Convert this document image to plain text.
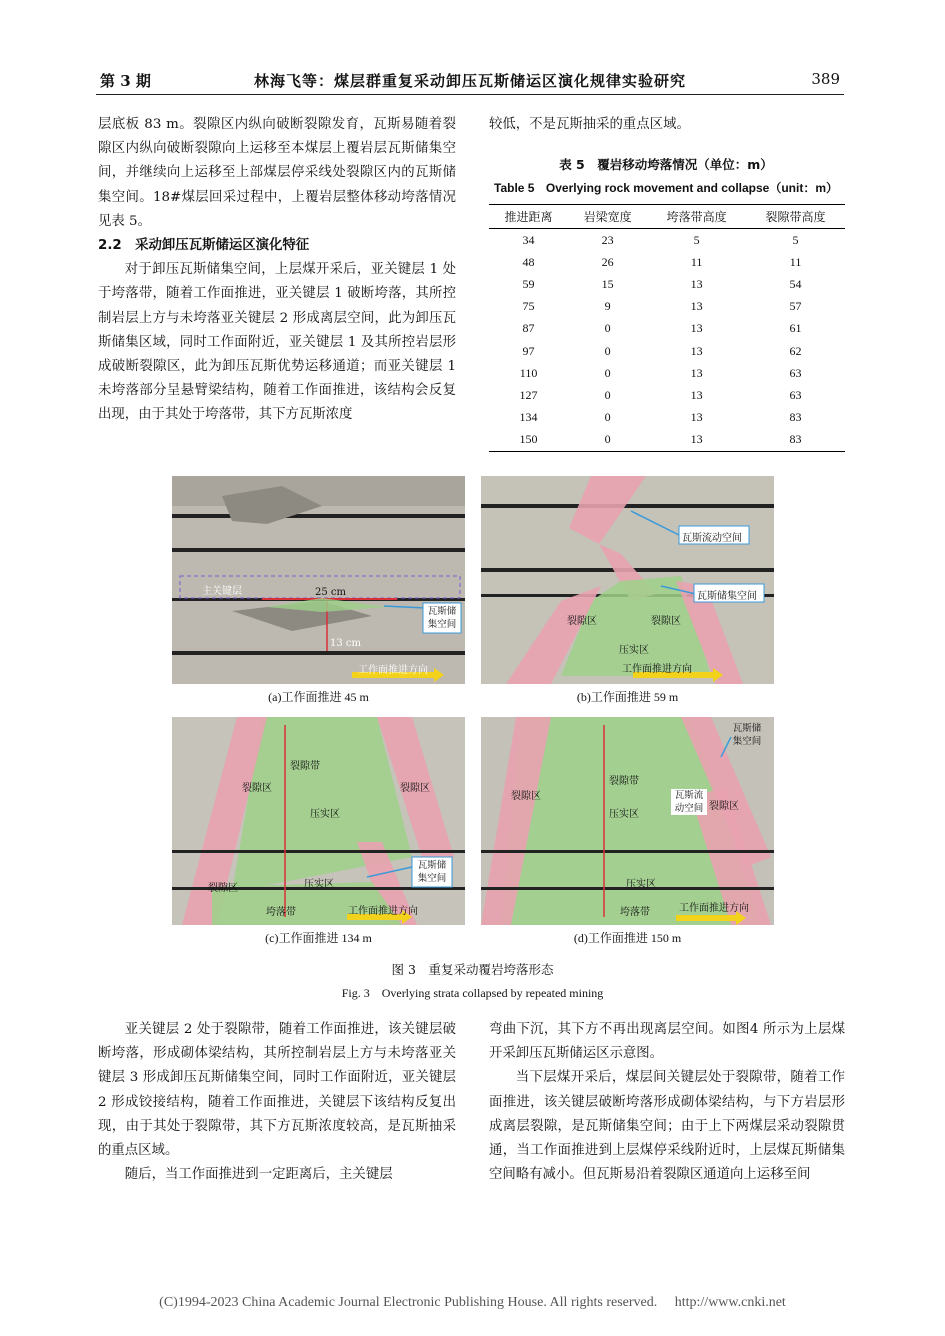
第 3 期	林海飞等：煤层群重复采动卸压瓦斯储运区演化规律实验研究	389

层底板 83 m。裂隙区内纵向破断裂隙发育，瓦斯易随着裂隙区内纵向破断裂隙向上运移至本煤层上覆岩层瓦斯储集空间，并继续向上运移至上部煤层停采线处裂隙区内的瓦斯储集空间。18#煤层回采过程中，上覆岩层整体移动垮落情况见表 5。

2.2　采动卸压瓦斯储运区演化特征

对于卸压瓦斯储集空间，上层煤开采后，亚关键层 1 处于垮落带，随着工作面推进，亚关键层 1 破断垮落，其所控制岩层上方与未垮落亚关键层 2 形成离层空间，此为卸压瓦斯储集区域，同时工作面附近，亚关键层 1 及其所控岩层形成破断裂隙区，此为卸压瓦斯优势运移通道；而亚关键层 1 未垮落部分呈悬臂梁结构，随着工作面推进，该结构会反复出现，由于其处于垮落带，其下方瓦斯浓度

较低，不是瓦斯抽采的重点区域。

表 5　覆岩移动垮落情况（单位：m）
Table 5 Overlying rock movement and collapse（unit：m）
推进距离	岩梁宽度	垮落带高度	裂隙带高度
34	23	5	5
48	26	11	11
59	15	13	54
75	9	13	57
87	0	13	61
97	0	13	62
110	0	13	63
127	0	13	63
134	0	13	83
150	0	13	83
主关键层	25 cm
13 cm
瓦斯储集空间
工作面推进方向
(a)工作面推进 45 m
瓦斯流动空间
瓦斯储集空间
裂隙区	裂隙区
压实区
工作面推进方向
(b)工作面推进 59 m
裂隙带
裂隙区
压实区
裂隙区
瓦斯储集空间
裂隙区	压实区
垮落带	工作面推进方向
(c)工作面推进 134 m
瓦斯储集空间
裂隙带
裂隙区
压实区
瓦斯流动空间 裂隙区
压实区
垮落带	工作面推进方向
(d)工作面推进 150 m
图 3　重复采动覆岩垮落形态
Fig. 3　Overlying strata collapsed by repeated mining

亚关键层 2 处于裂隙带，随着工作面推进，该关键层破断垮落，形成砌体梁结构，其所控制岩层上方与未垮落亚关键层 3 形成卸压瓦斯储集空间，同时工作面附近，亚关键层 2 形成铰接结构，随着工作面推进，关键层下该结构反复出现，由于其处于裂隙带，其下方瓦斯浓度较高，是瓦斯抽采的重点区域。

随后，当工作面推进到一定距离后，主关键层

弯曲下沉，其下方不再出现离层空间。如图4 所示为上层煤开采卸压瓦斯储运区示意图。

当下层煤开采后，煤层间关键层处于裂隙带，随着工作面推进，该关键层破断垮落形成砌体梁结构，与下方岩层形成离层裂隙，是瓦斯储集空间；由于上下两煤层采动裂隙贯通，当工作面推进到上层煤停采线附近时，上层煤瓦斯储集空间略有减小。但瓦斯易沿着裂隙区通道向上运移至间

(C)1994-2023 China Academic Journal Electronic Publishing House. All rights reserved.　 http://www.cnki.net
